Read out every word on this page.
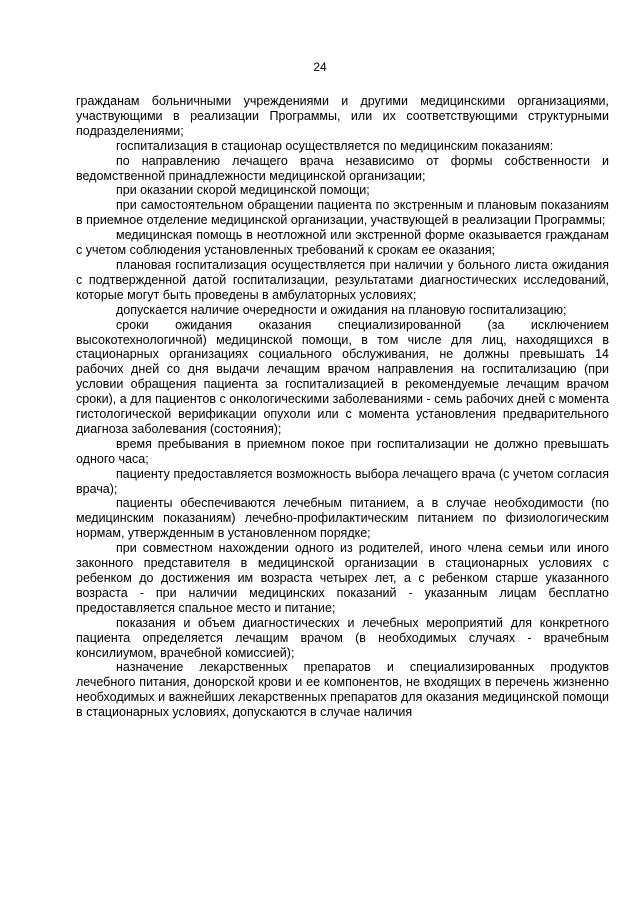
24

гражданам больничными учреждениями и другими медицинскими организациями, участвующими в реализации Программы, или их соответствующими структурными подразделениями;

госпитализация в стационар осуществляется по медицинским показаниям:

по направлению лечащего врача независимо от формы собственности и ведомственной принадлежности медицинской организации;

при оказании скорой медицинской помощи;

при самостоятельном обращении пациента по экстренным и плановым показаниям в приемное отделение медицинской организации, участвующей в реализации Программы;

медицинская помощь в неотложной или экстренной форме оказывается гражданам с учетом соблюдения установленных требований к срокам ее оказания;

плановая госпитализация осуществляется при наличии у больного листа ожидания с подтвержденной датой госпитализации, результатами диагностических исследований, которые могут быть проведены в амбулаторных условиях;

допускается наличие очередности и ожидания на плановую госпитализацию;

сроки ожидания оказания специализированной (за исключением высокотехнологичной) медицинской помощи, в том числе для лиц, находящихся в стационарных организациях социального обслуживания, не должны превышать 14 рабочих дней со дня выдачи лечащим врачом направления на госпитализацию (при условии обращения пациента за госпитализацией в рекомендуемые лечащим врачом сроки), а для пациентов с онкологическими заболеваниями - семь рабочих дней с момента гистологической верификации опухоли или с момента установления предварительного диагноза заболевания (состояния);

время пребывания в приемном покое при госпитализации не должно превышать одного часа;

пациенту предоставляется возможность выбора лечащего врача (с учетом согласия врача);

пациенты обеспечиваются лечебным питанием, а в случае необходимости (по медицинским показаниям) лечебно-профилактическим питанием по физиологическим нормам, утвержденным в установленном порядке;

при совместном нахождении одного из родителей, иного члена семьи или иного законного представителя в медицинской организации в стационарных условиях с ребенком до достижения им возраста четырех лет, а с ребенком старше указанного возраста - при наличии медицинских показаний - указанным лицам бесплатно предоставляется спальное место и питание;

показания и объем диагностических и лечебных мероприятий для конкретного пациента определяется лечащим врачом (в необходимых случаях - врачебным консилиумом, врачебной комиссией);

назначение лекарственных препаратов и специализированных продуктов лечебного питания, донорской крови и ее компонентов, не входящих в перечень жизненно необходимых и важнейших лекарственных препаратов для оказания медицинской помощи в стационарных условиях, допускаются в случае наличия
